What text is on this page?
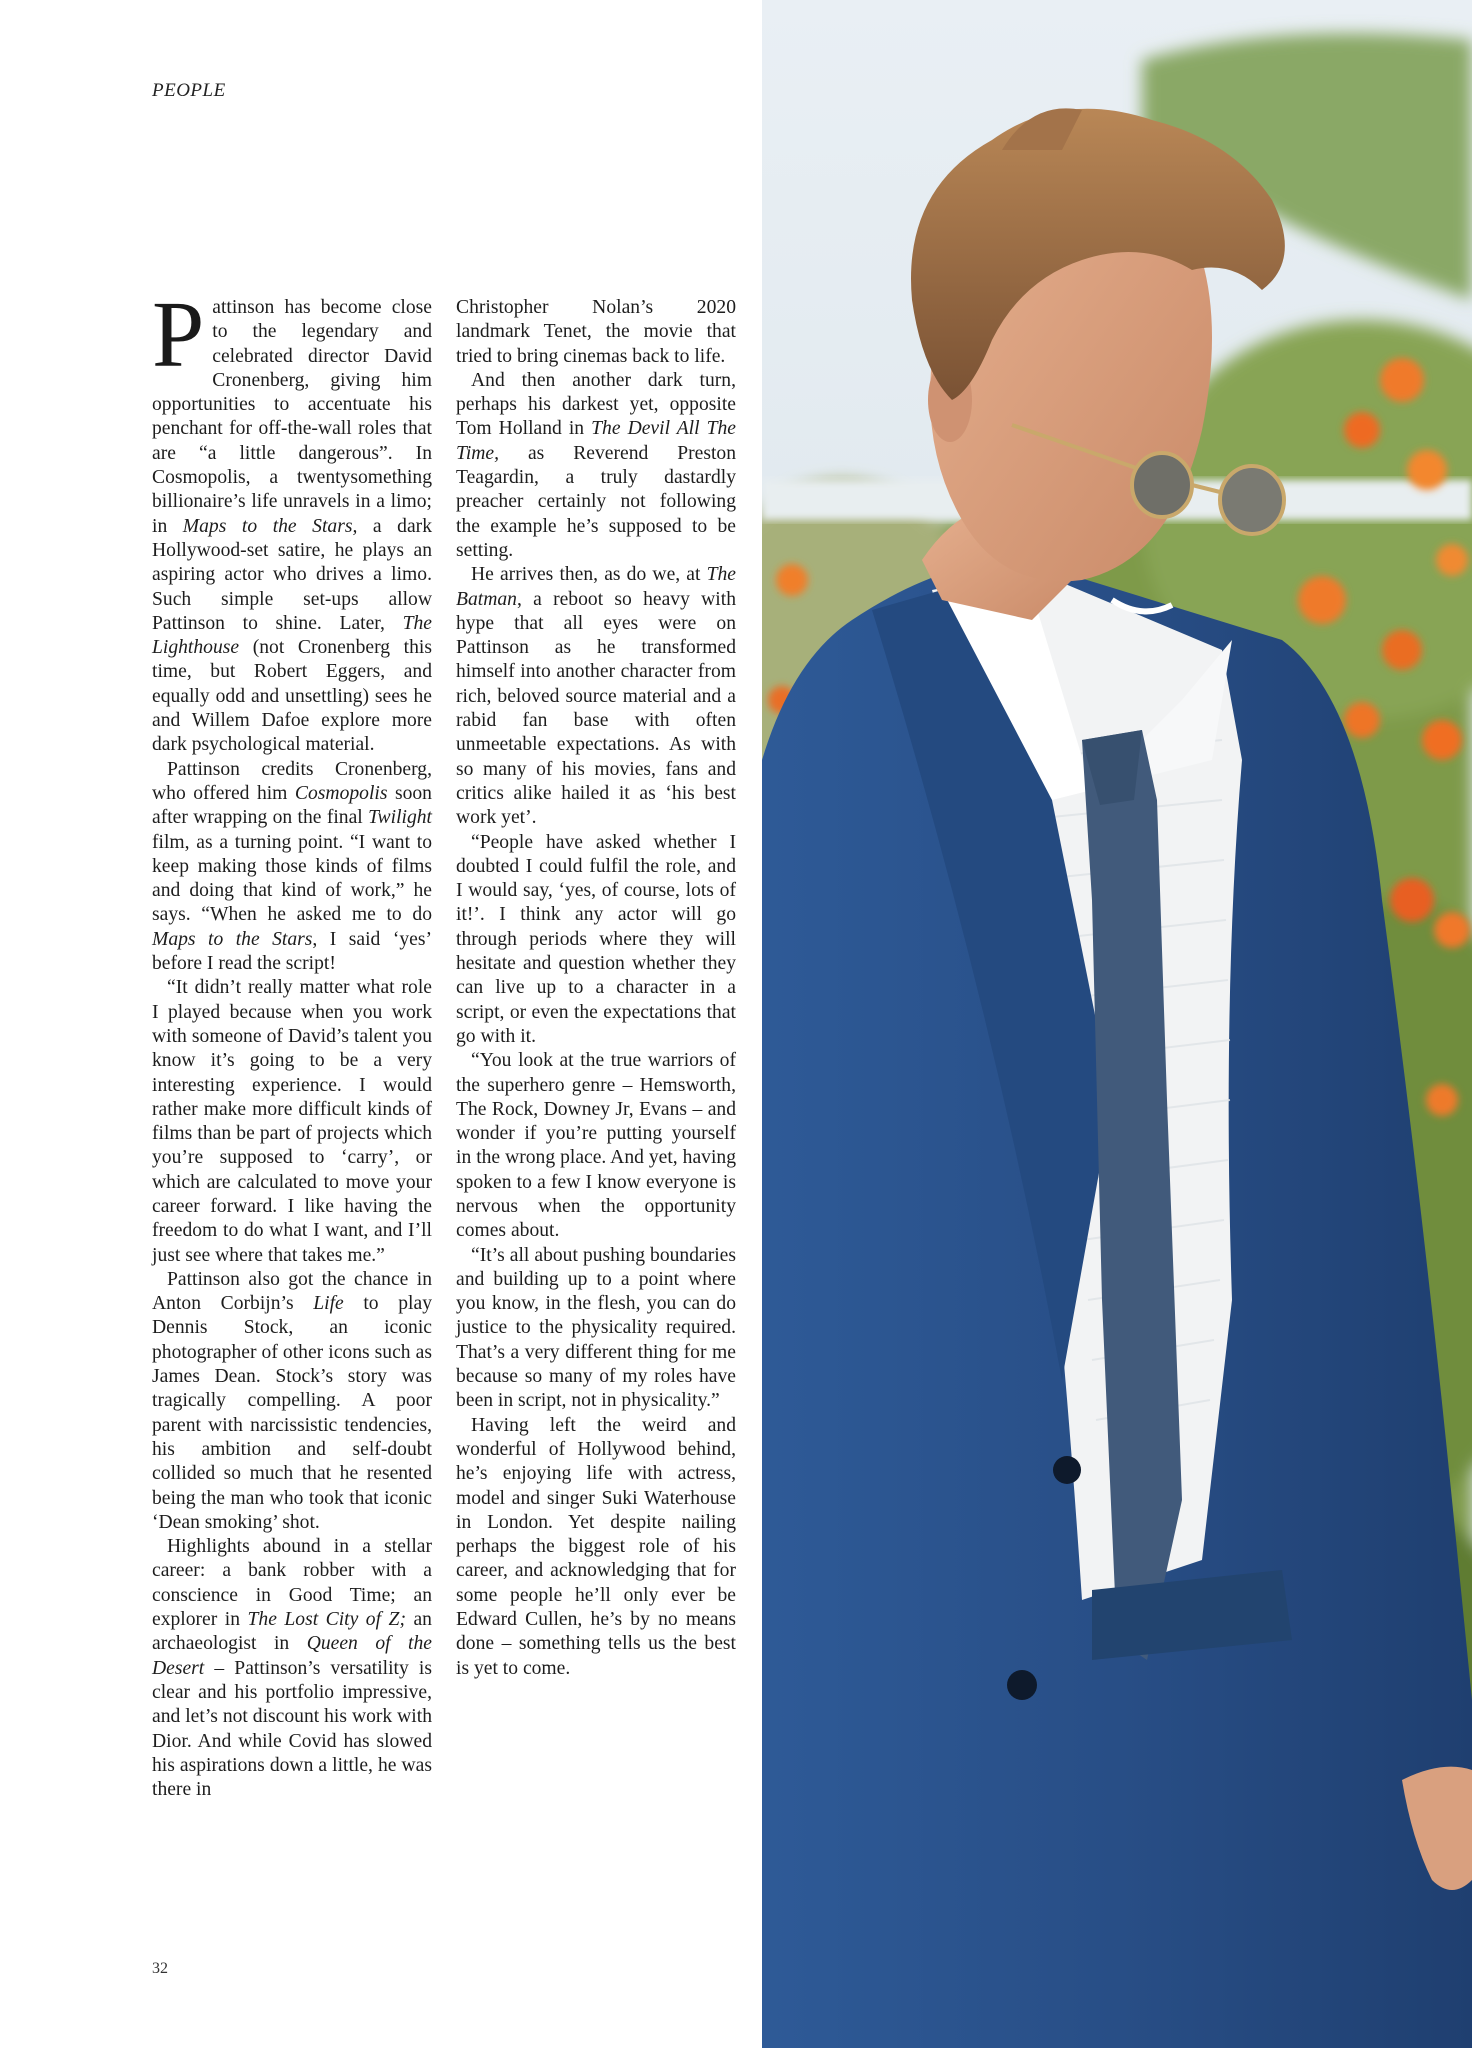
PEOPLE

Pattinson has become close to the legendary and celebrated director David Cronenberg, giving him opportunities to accentuate his penchant for off-the-wall roles that are “a little dangerous”. In Cosmopolis, a twentysomething billionaire’s life unravels in a limo; in Maps to the Stars, a dark Hollywood-set satire, he plays an aspiring actor who drives a limo. Such simple set-ups allow Pattinson to shine. Later, The Lighthouse (not Cronenberg this time, but Robert Eggers, and equally odd and unsettling) sees he and Willem Dafoe explore more dark psychological material.

Pattinson credits Cronenberg, who offered him Cosmopolis soon after wrapping on the final Twilight film, as a turning point. “I want to keep making those kinds of films and doing that kind of work,” he says. “When he asked me to do Maps to the Stars, I said ‘yes’ before I read the script!

“It didn’t really matter what role I played because when you work with someone of David’s talent you know it’s going to be a very interesting experience. I would rather make more difficult kinds of films than be part of projects which you’re supposed to ‘carry’, or which are calculated to move your career forward. I like having the freedom to do what I want, and I’ll just see where that takes me.”

Pattinson also got the chance in Anton Corbijn’s Life to play Dennis Stock, an iconic photographer of other icons such as James Dean. Stock’s story was tragically compelling. A poor parent with narcissistic tendencies, his ambition and self-doubt collided so much that he resented being the man who took that iconic ‘Dean smoking’ shot.

Highlights abound in a stellar career: a bank robber with a conscience in Good Time; an explorer in The Lost City of Z; an archaeologist in Queen of the Desert – Pattinson’s versatility is clear and his portfolio impressive, and let’s not discount his work with Dior. And while Covid has slowed his aspirations down a little, he was there in

Christopher Nolan’s 2020 landmark Tenet, the movie that tried to bring cinemas back to life.

And then another dark turn, perhaps his darkest yet, opposite Tom Holland in The Devil All The Time, as Reverend Preston Teagardin, a truly dastardly preacher certainly not following the example he’s supposed to be setting.

He arrives then, as do we, at The Batman, a reboot so heavy with hype that all eyes were on Pattinson as he transformed himself into another character from rich, beloved source material and a rabid fan base with often unmeetable expectations. As with so many of his movies, fans and critics alike hailed it as ‘his best work yet’.

“People have asked whether I doubted I could fulfil the role, and I would say, ‘yes, of course, lots of it!’. I think any actor will go through periods where they will hesitate and question whether they can live up to a character in a script, or even the expectations that go with it.

“You look at the true warriors of the superhero genre – Hemsworth, The Rock, Downey Jr, Evans – and wonder if you’re putting yourself in the wrong place. And yet, having spoken to a few I know everyone is nervous when the opportunity comes about.

“It’s all about pushing boundaries and building up to a point where you know, in the flesh, you can do justice to the physicality required. That’s a very different thing for me because so many of my roles have been in script, not in physicality.”

Having left the weird and wonderful of Hollywood behind, he’s enjoying life with actress, model and singer Suki Waterhouse in London. Yet despite nailing perhaps the biggest role of his career, and acknowledging that for some people he’ll only ever be Edward Cullen, he’s by no means done – something tells us the best is yet to come.

32
